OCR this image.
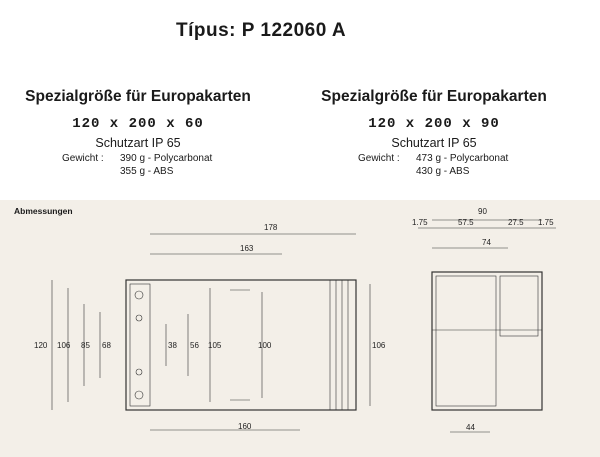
Típus: P 122060 A
Spezialgröße für Europakarten
120 x 200 x 60
Schutzart IP 65
Gewicht : 390 g - Polycarbonat
355 g - ABS
Spezialgröße für Europakarten
120 x 200 x 90
Schutzart IP 65
Gewicht : 473 g - Polycarbonat
430 g - ABS
Abmessungen
178
163
120 106 85 68	38 56 105	100	106
160
90
1.75	57.5	27.5 1.75
74
44
